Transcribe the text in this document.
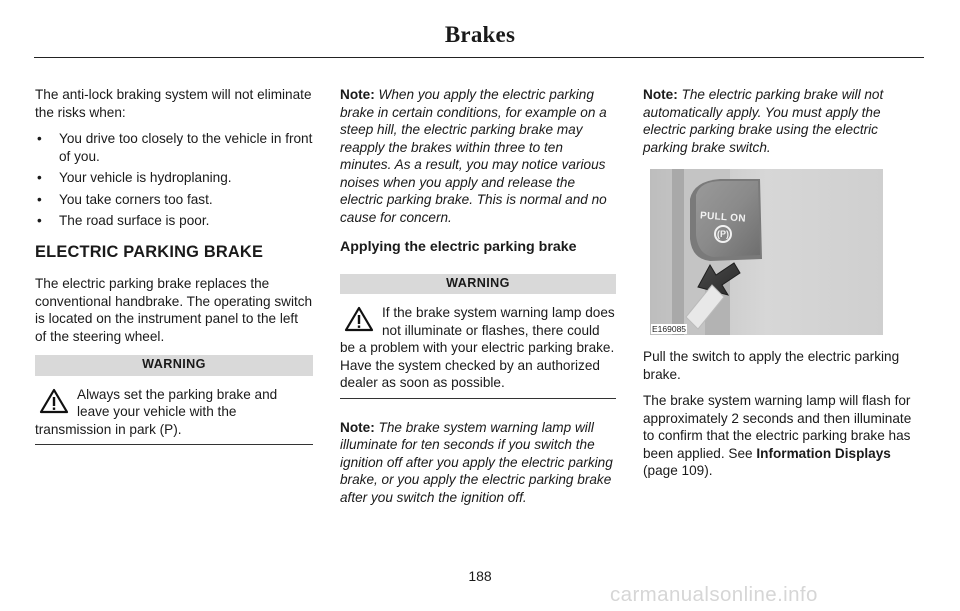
Brakes

The anti-lock braking system will not eliminate the risks when:

• You drive too closely to the vehicle in front of you.
• Your vehicle is hydroplaning.
• You take corners too fast.
• The road surface is poor.
ELECTRIC PARKING BRAKE

The electric parking brake replaces the conventional handbrake. The operating switch is located on the instrument panel to the left of the steering wheel.

WARNING
Always set the parking brake and leave your vehicle with the transmission in park (P).

Note: When you apply the electric parking brake in certain conditions, for example on a steep hill, the electric parking brake may reapply the brakes within three to ten minutes. As a result, you may notice various noises when you apply and release the electric parking brake. This is normal and no cause for concern.

Applying the electric parking brake
WARNING
If the brake system warning lamp does not illuminate or flashes, there could be a problem with your electric parking brake. Have the system checked by an authorized dealer as soon as possible.

Note: The brake system warning lamp will illuminate for ten seconds if you switch the ignition off after you apply the electric parking brake, or you apply the electric parking brake after you switch the ignition off.

Note: The electric parking brake will not automatically apply. You must apply the electric parking brake using the electric parking brake switch.

PULL ON
(P)
E169085

Pull the switch to apply the electric parking brake.

The brake system warning lamp will flash for approximately 2 seconds and then illuminate to confirm that the electric parking brake has been applied. See Information Displays (page 109).

188
carmanualsonline.info
